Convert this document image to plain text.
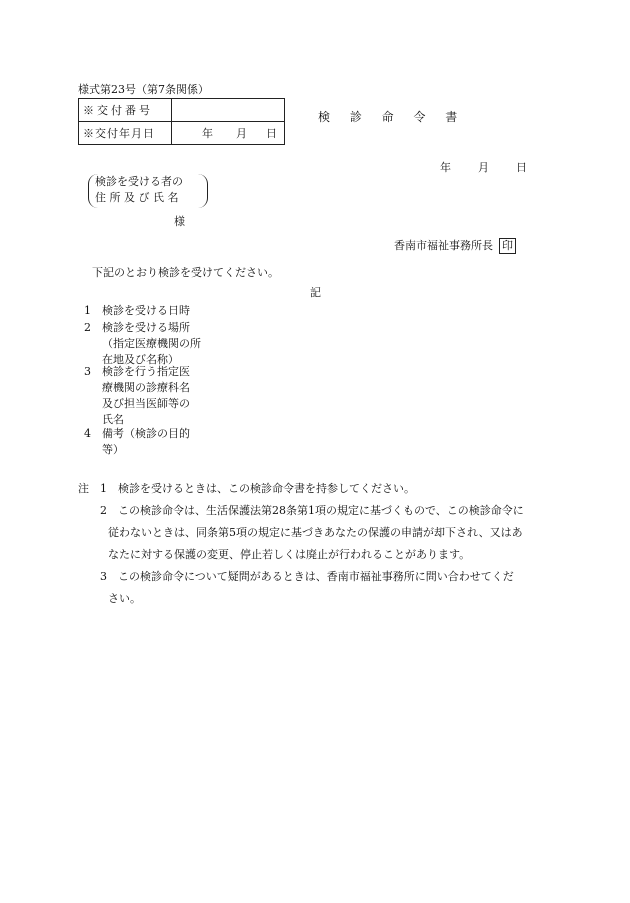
様式第23号（第7条関係）
※交付番号	
※交付年月日	年 月 日
検 診 命 令 書
年 月 日
検診を受ける者の
住 所 及 び 氏 名
様
香南市福祉事務所長 印
下記のとおり検診を受けてください。
記
1 検診を受ける日時
2 検診を受ける場所
（指定医療機関の所
在地及び名称）
3 検診を行う指定医
療機関の診療科名
及び担当医師等の
氏名
4 備考（検診の目的
等）
注 1 検診を受けるときは、この検診命令書を持参してください。
2 この検診命令は、生活保護法第28条第1項の規定に基づくもので、この検診命令に
従わないときは、同条第5項の規定に基づきあなたの保護の申請が却下され、又はあ
なたに対する保護の変更、停止若しくは廃止が行われることがあります。
3 この検診命令について疑問があるときは、香南市福祉事務所に問い合わせてくだ
さい。
